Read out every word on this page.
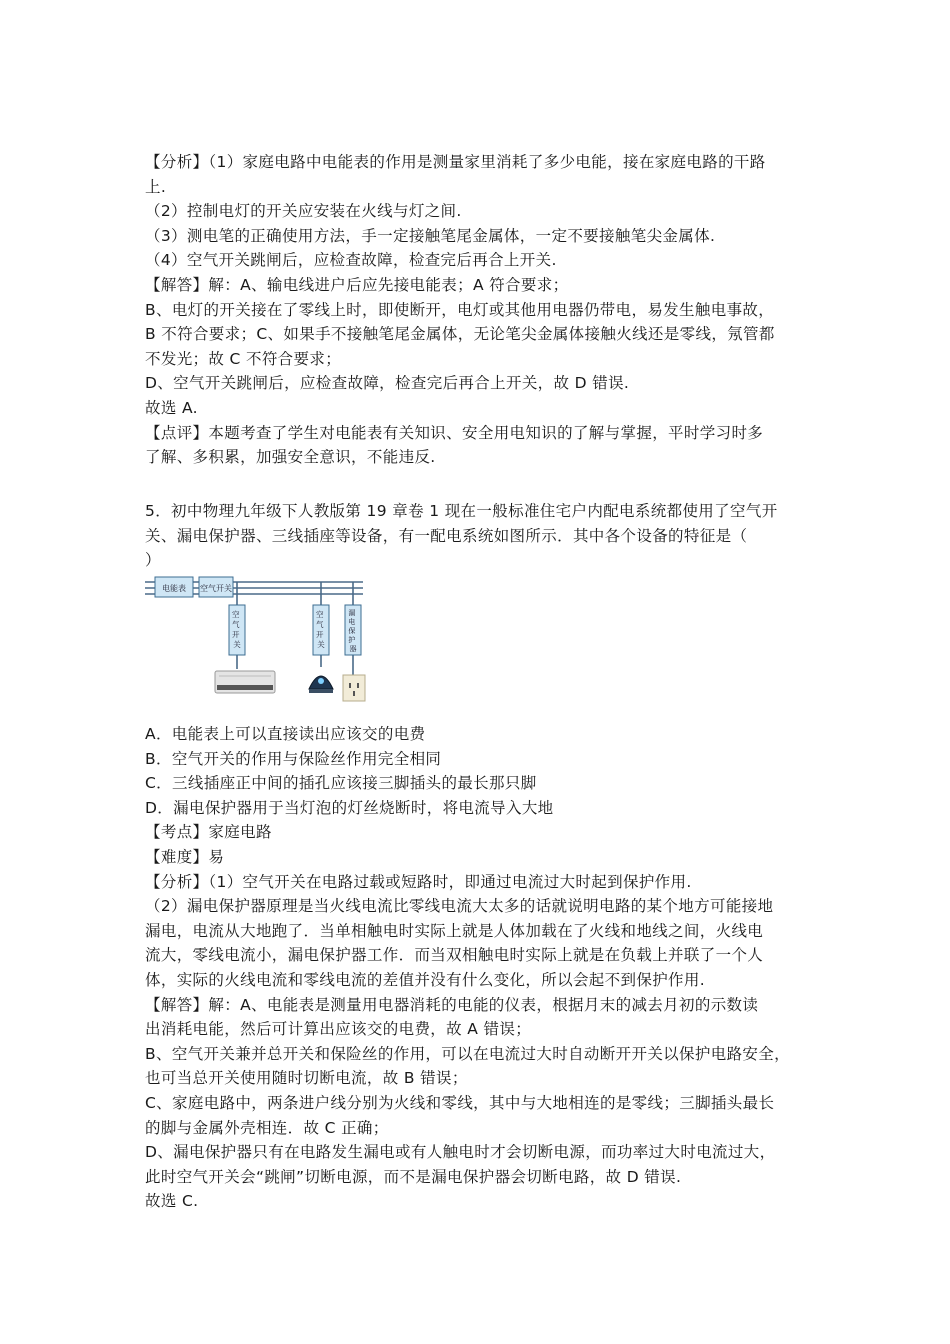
【分析】（1）家庭电路中电能表的作用是测量家里消耗了多少电能，接在家庭电路的干路
上.
（2）控制电灯的开关应安装在火线与灯之间.
（3）测电笔的正确使用方法，手一定接触笔尾金属体，一定不要接触笔尖金属体.
（4）空气开关跳闸后，应检查故障，检查完后再合上开关.
【解答】解：A、输电线进户后应先接电能表；A 符合要求；
B、电灯的开关接在了零线上时，即使断开，电灯或其他用电器仍带电，易发生触电事故，
B 不符合要求；C、如果手不接触笔尾金属体，无论笔尖金属体接触火线还是零线，氖管都
不发光；故 C 不符合要求；
D、空气开关跳闸后，应检查故障，检查完后再合上开关，故 D 错误.
故选 A.
【点评】本题考查了学生对电能表有关知识、安全用电知识的了解与掌握，平时学习时多
了解、多积累，加强安全意识，不能违反.
5．初中物理九年级下人教版第 19 章卷 1 现在一般标准住宅户内配电系统都使用了空气开
关、漏电保护器、三线插座等设备，有一配电系统如图所示．其中各个设备的特征是（
）
电能表 空气开关
空 气 开 关
空 气 开 关
漏 电 保 护 器
A．电能表上可以直接读出应该交的电费
B．空气开关的作用与保险丝作用完全相同
C．三线插座正中间的插孔应该接三脚插头的最长那只脚
D．漏电保护器用于当灯泡的灯丝烧断时，将电流导入大地
【考点】家庭电路
【难度】易
【分析】（1）空气开关在电路过载或短路时，即通过电流过大时起到保护作用.
（2）漏电保护器原理是当火线电流比零线电流大太多的话就说明电路的某个地方可能接地
漏电，电流从大地跑了．当单相触电时实际上就是人体加载在了火线和地线之间，火线电
流大，零线电流小，漏电保护器工作．而当双相触电时实际上就是在负载上并联了一个人
体，实际的火线电流和零线电流的差值并没有什么变化，所以会起不到保护作用.
【解答】解：A、电能表是测量用电器消耗的电能的仪表，根据月末的减去月初的示数读
出消耗电能，然后可计算出应该交的电费，故 A 错误；
B、空气开关兼并总开关和保险丝的作用，可以在电流过大时自动断开开关以保护电路安全，
也可当总开关使用随时切断电流，故 B 错误；
C、家庭电路中，两条进户线分别为火线和零线，其中与大地相连的是零线；三脚插头最长
的脚与金属外壳相连．故 C 正确；
D、漏电保护器只有在电路发生漏电或有人触电时才会切断电源，而功率过大时电流过大，
此时空气开关会“跳闸”切断电源，而不是漏电保护器会切断电路，故 D 错误.
故选 C.
